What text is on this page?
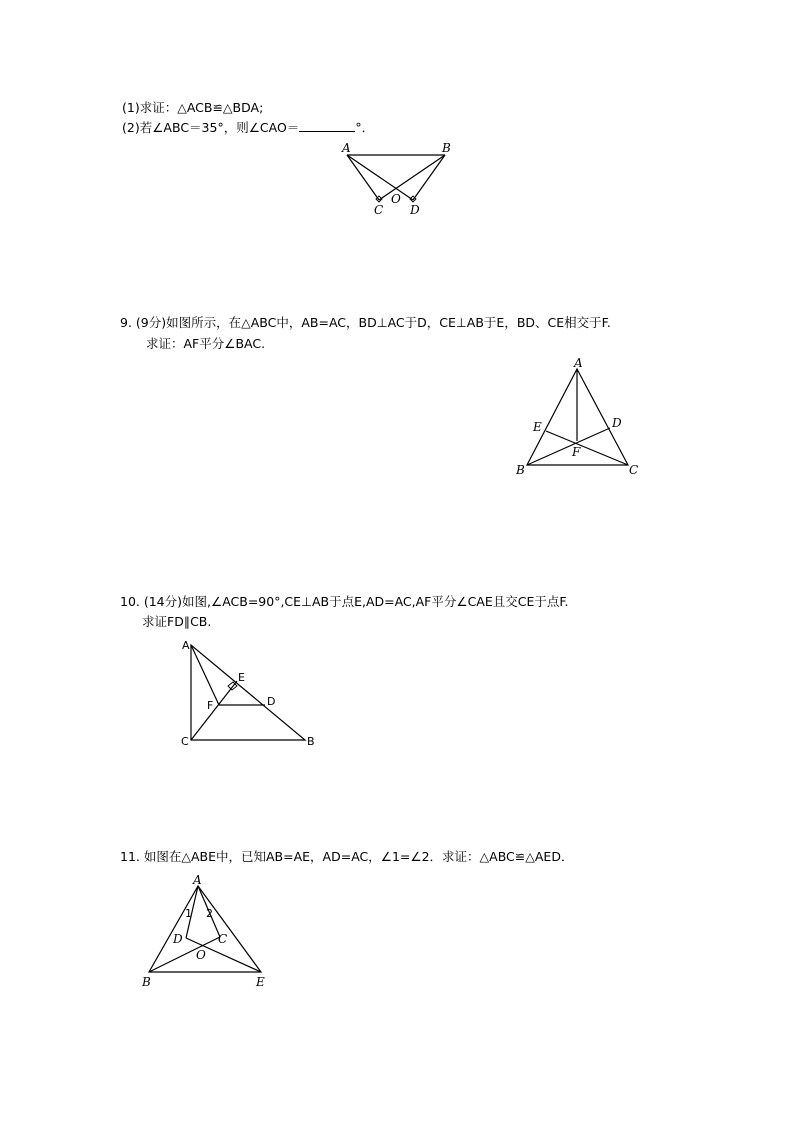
(1)求证：△ACB≌△BDA;
(2)若∠ABC＝35°，则∠CAO＝	°．
9. (9分)如图所示，在△ABC中，AB=AC，BD⊥AC于D，CE⊥AB于E，BD、CE相交于F.
求证：AF平分∠BAC.
10. (14分)如图,∠ACB=90°,CE⊥AB于点E,AD=AC,AF平分∠CAE且交CE于点F.
求证FD∥CB.
11. 如图在△ABE中，已知AB=AE，AD=AC，∠1=∠2．求证：△ABC≌△AED．
A	B
C
O
D
A
B	C
D
E
F
A
B
C
D
E
F
A
B
C
D
E
O
1 2
